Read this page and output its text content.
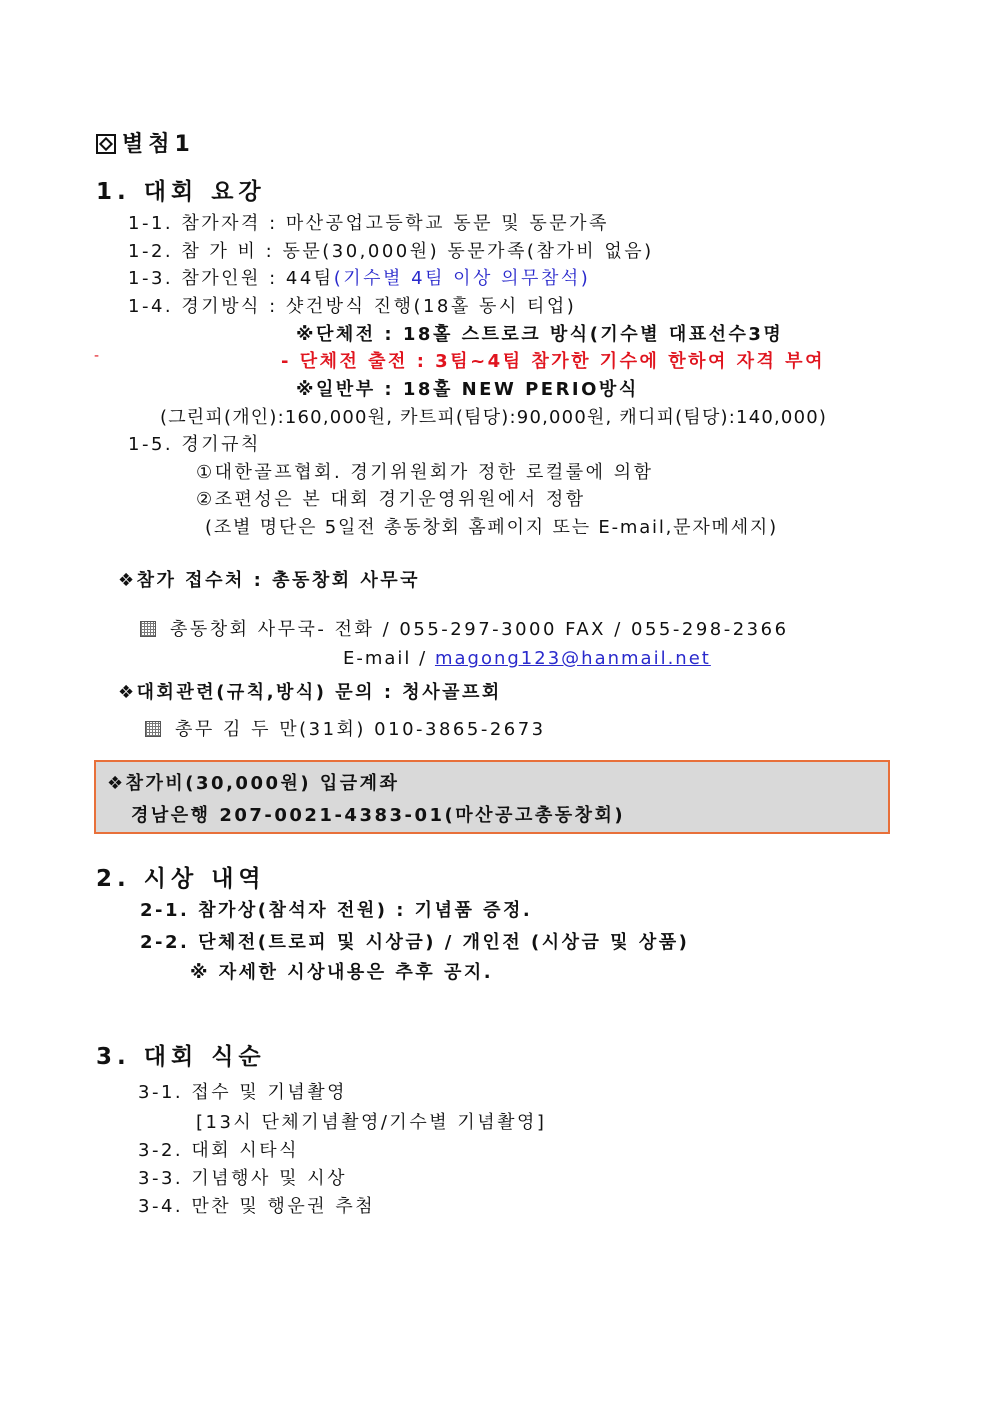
별첨1
1. 대회 요강
1-1. 참가자격 : 마산공업고등학교 동문 및 동문가족
1-2. 참 가 비 : 동문(30,000원) 동문가족(참가비 없음)
1-3. 참가인원 : 44팀(기수별 4팀 이상 의무참석)
1-4. 경기방식 : 샷건방식 진행(18홀 동시 티업)
※단체전 : 18홀 스트로크 방식(기수별 대표선수3명
-	- 단체전 출전 : 3팀~4팀 참가한 기수에 한하여 자격 부여
※일반부 : 18홀 NEW PERIO방식
(그린피(개인):160,000원, 카트피(팀당):90,000원, 캐디피(팀당):140,000)
1-5. 경기규칙
①대한골프협회. 경기위원회가 정한 로컬룰에 의함
②조편성은 본 대회 경기운영위원에서 정함
(조별 명단은 5일전 총동창회 홈페이지 또는 E-mail,문자메세지)
❖참가 접수처 : 총동창회 사무국
총동창회 사무국- 전화 / 055-297-3000 FAX / 055-298-2366
E-mail / magong123@hanmail.net
❖대회관련(규칙,방식) 문의 : 청사골프회
총무 김 두 만(31회) 010-3865-2673
❖참가비(30,000원) 입금계좌
경남은행 207-0021-4383-01(마산공고총동창회)
2. 시상 내역
2-1. 참가상(참석자 전원) : 기념품 증정.
2-2. 단체전(트로피 및 시상금) / 개인전 (시상금 및 상품)
※ 자세한 시상내용은 추후 공지.
3. 대회 식순
3-1. 접수 및 기념촬영
[13시 단체기념촬영/기수별 기념촬영]
3-2. 대회 시타식
3-3. 기념행사 및 시상
3-4. 만찬 및 행운권 추첨
